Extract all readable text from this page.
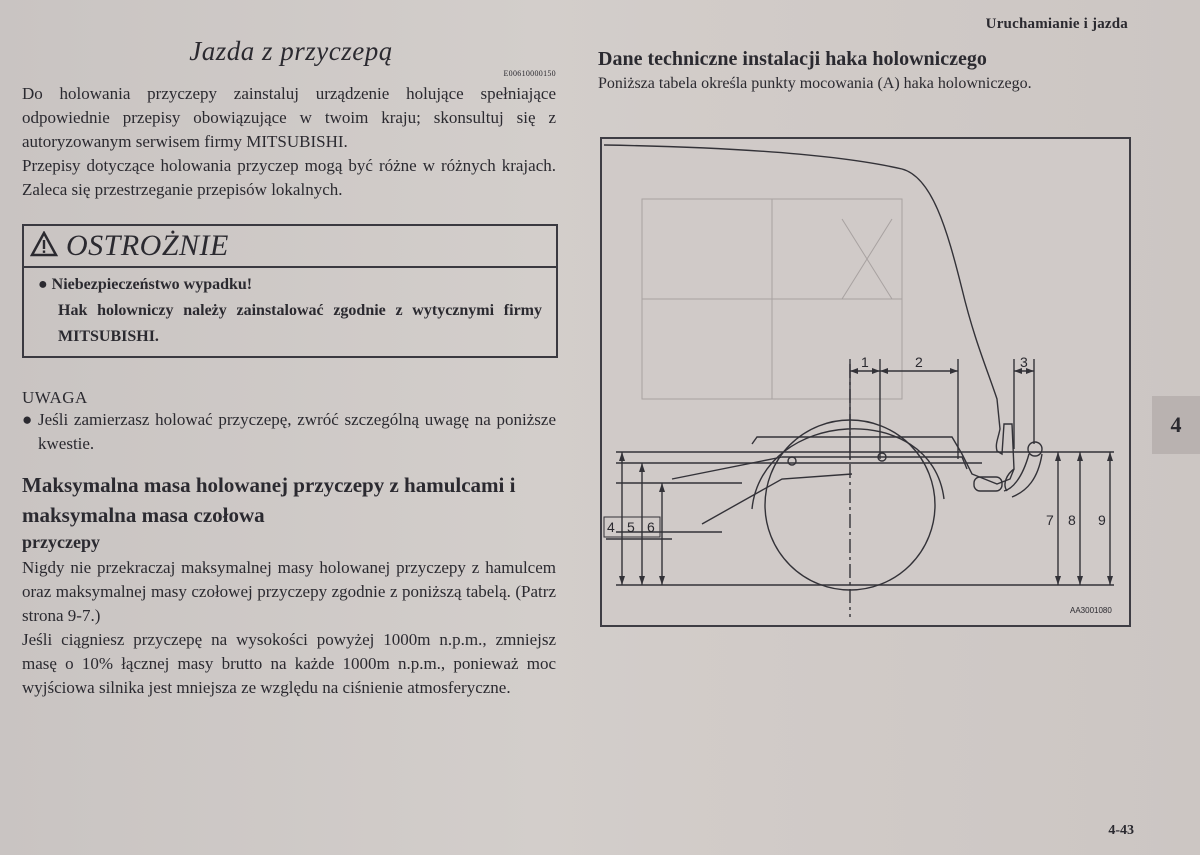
Uruchamianie i jazda
4
4-43
Jazda z przyczepą
E00610000150

Do holowania przyczepy zainstaluj urządzenie holujące spełniające odpowiednie przepisy obowiązujące w twoim kraju; skonsultuj się z autoryzowanym serwisem firmy MITSUBISHI.

Przepisy dotyczące holowania przyczep mogą być różne w różnych krajach. Zaleca się przestrzeganie przepisów lokalnych.

OSTROŻNIE
● Niebezpieczeństwo wypadku!
Hak holowniczy należy zainstalować zgodnie z wytycznymi firmy MITSUBISHI.
UWAGA
● Jeśli zamierzasz holować przyczepę, zwróć szczególną uwagę na poniższe kwestie.
Maksymalna masa holowanej przyczepy z hamulcami i maksymalna masa czołowa
przyczepy

Nigdy nie przekraczaj maksymalnej masy holowanej przyczepy z hamulcem oraz maksymalnej masy czołowej przyczepy zgodnie z poniższą tabelą. (Patrz strona 9-7.)

Jeśli ciągniesz przyczepę na wysokości powyżej 1000m n.p.m., zmniejsz masę o 10% łącznej masy brutto na każde 1000m n.p.m., ponieważ moc wyjściowa silnika jest mniejsza ze względu na ciśnienie atmosferyczne.

Dane techniczne instalacji haka holowniczego

Poniższa tabela określa punkty mocowania (A) haka holowniczego.

1	2	3
4 5 6	7 8 9
AA3001080
